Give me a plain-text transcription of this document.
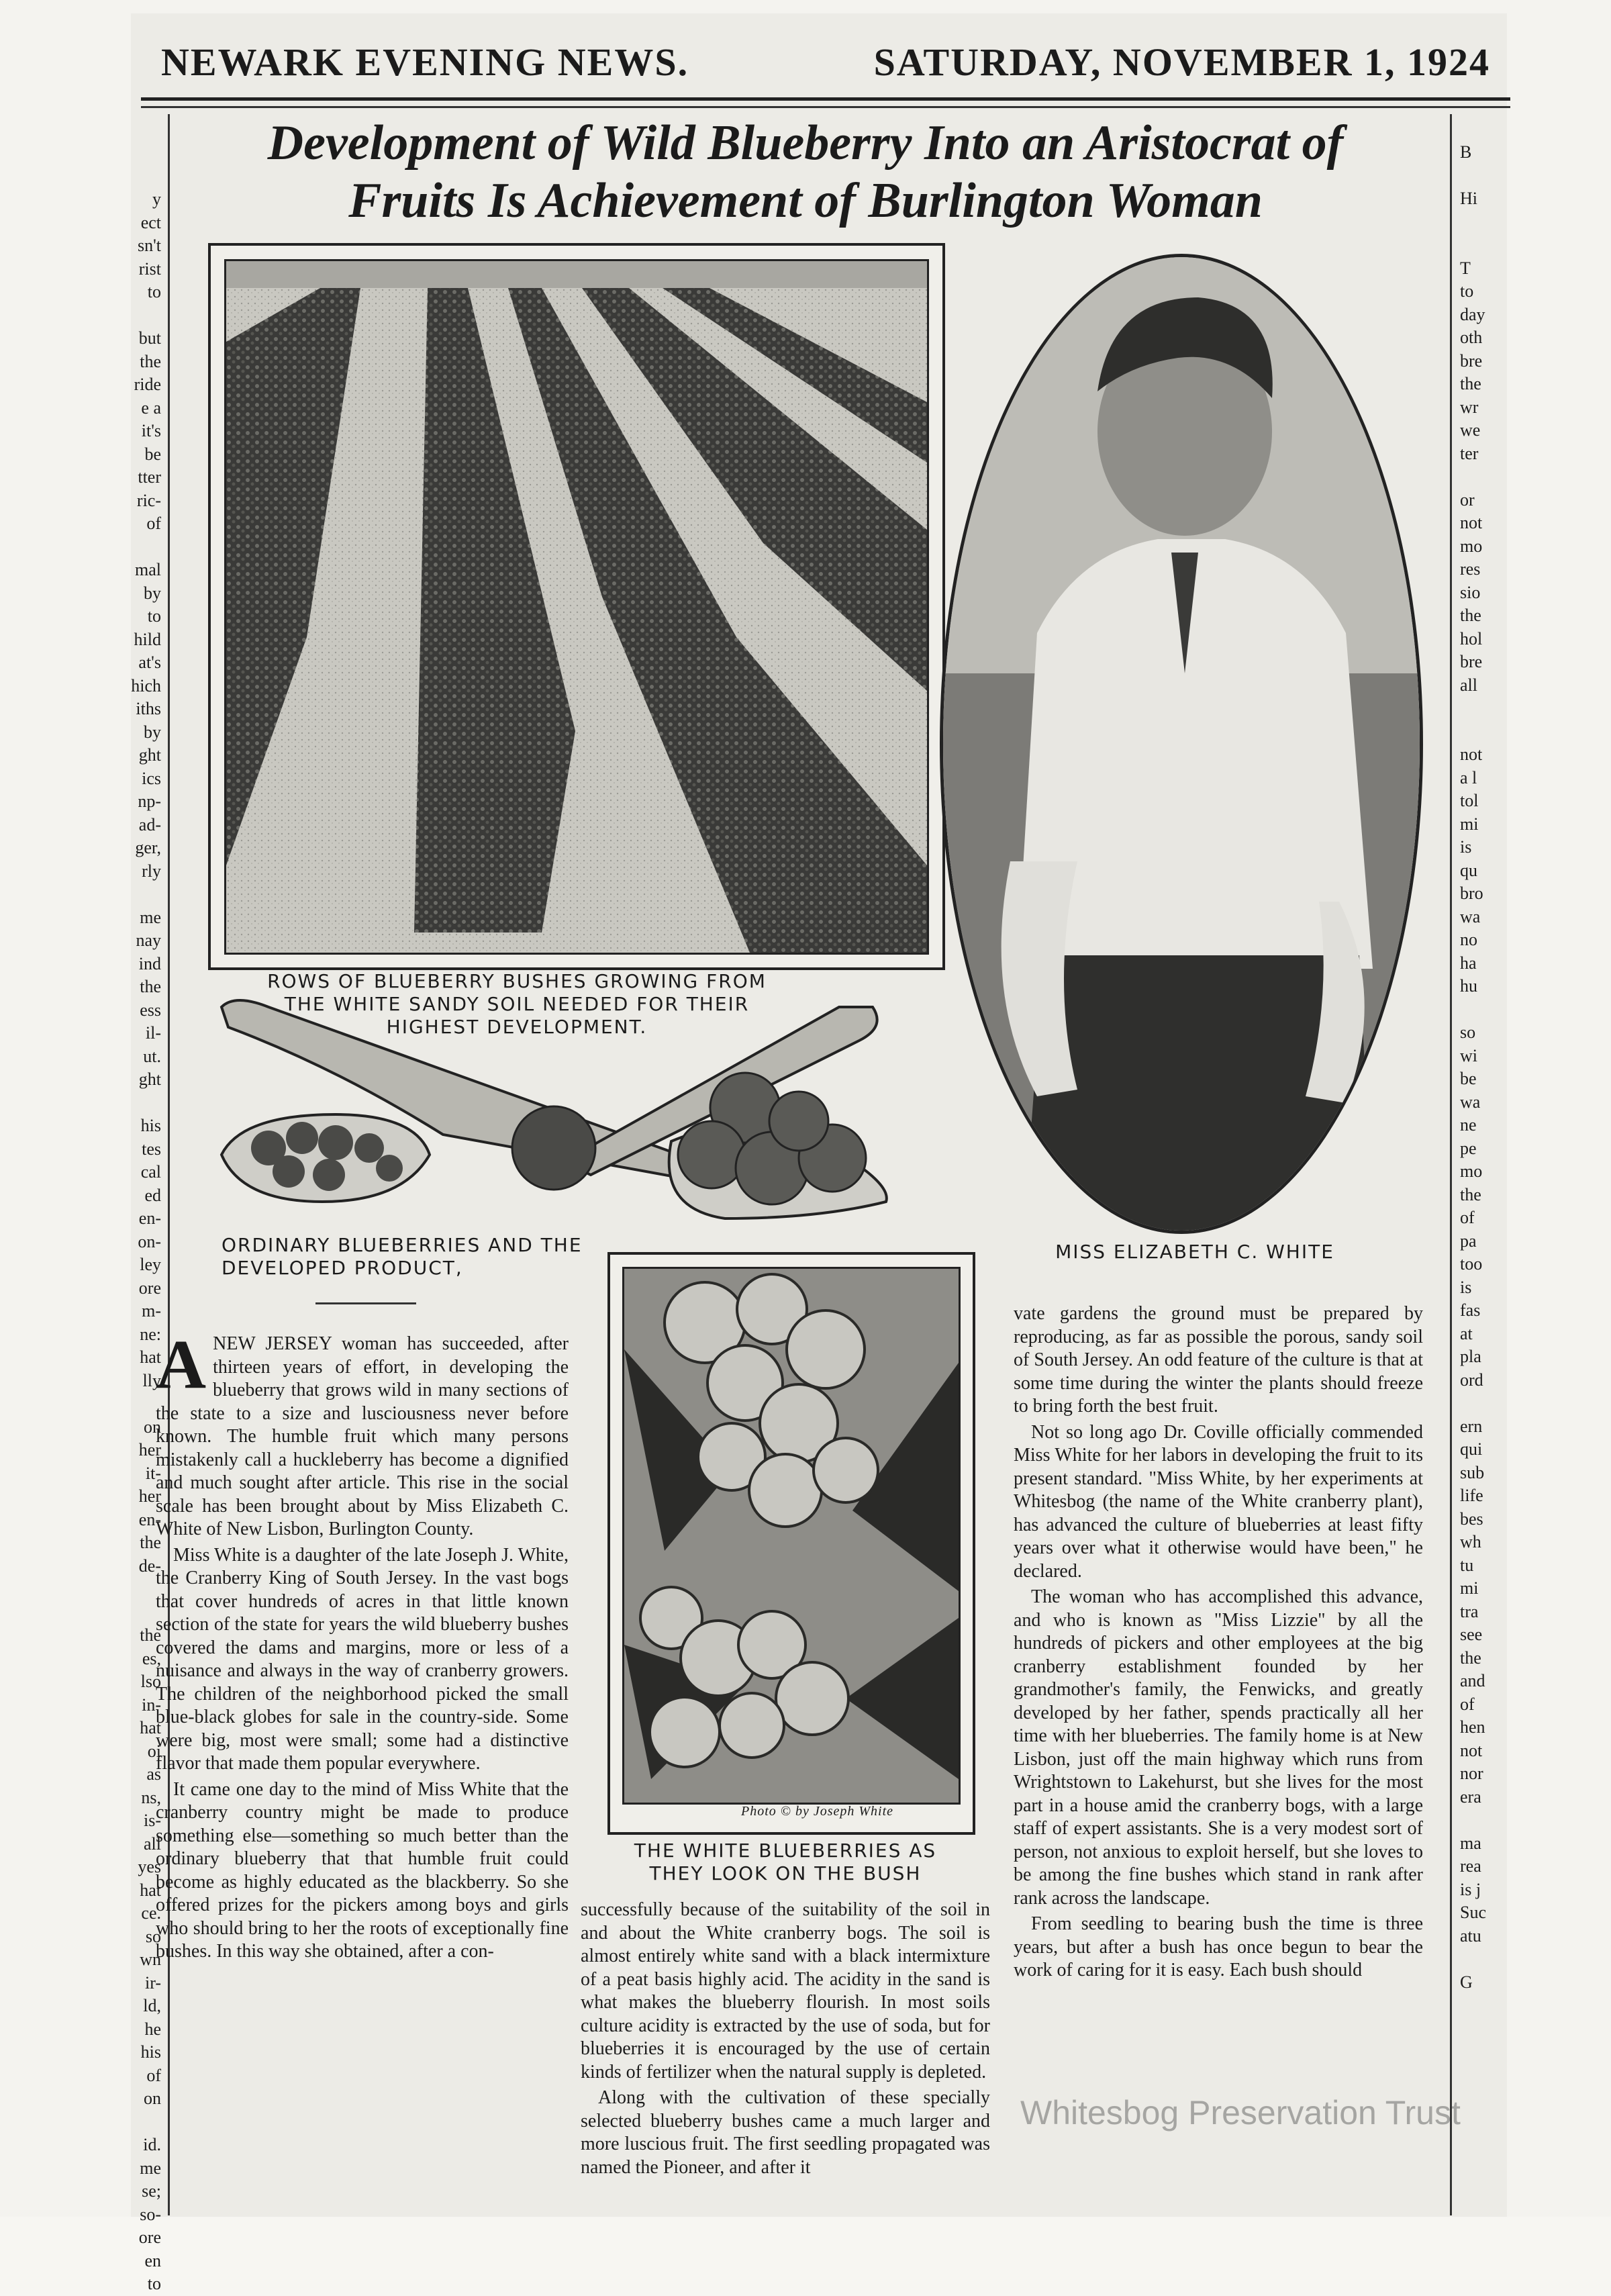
NEWARK EVENING NEWS.	SATURDAY, NOVEMBER 1, 1924
Development of Wild Blueberry Into an Aristocrat of
Fruits Is Achievement of Burlington Woman
ROWS OF BLUEBERRY BUSHES GROWING FROM THE WHITE SANDY SOIL NEEDED FOR THEIR HIGHEST DEVELOPMENT.
ORDINARY BLUEBERRIES AND THE DEVELOPED PRODUCT,
MISS ELIZABETH C. WHITE
Photo © by Joseph White
THE WHITE BLUEBERRIES AS THEY LOOK ON THE BUSH

ANEW JERSEY woman has succeeded, after thirteen years of effort, in developing the blueberry that grows wild in many sections of the state to a size and lusciousness never before known. The humble fruit which many persons mistakenly call a huckleberry has become a dignified and much sought after article. This rise in the social scale has been brought about by Miss Elizabeth C. White of New Lisbon, Burlington County.

Miss White is a daughter of the late Joseph J. White, the Cranberry King of South Jersey. In the vast bogs that cover hundreds of acres in that little known section of the state for years the wild blueberry bushes covered the dams and margins, more or less of a nuisance and always in the way of cranberry growers. The children of the neighborhood picked the small blue-black globes for sale in the country-side. Some were big, most were small; some had a distinctive flavor that made them popular everywhere.

It came one day to the mind of Miss White that the cranberry country might be made to produce something else—something so much better than the ordinary blueberry that that humble fruit could become as highly educated as the blackberry. So she offered prizes for the pickers among boys and girls who should bring to her the roots of exceptionally fine bushes. In this way she obtained, after a con-

successfully because of the suitability of the soil in and about the White cranberry bogs. The soil is almost entirely white sand with a black intermixture of a peat basis highly acid. The acidity in the sand is what makes the blueberry flourish. In most soils culture acidity is extracted by the use of soda, but for blueberries it is encouraged by the use of certain kinds of fertilizer when the natural supply is depleted.

Along with the cultivation of these specially selected blueberry bushes came a much larger and more luscious fruit. The first seedling propagated was named the Pioneer, and after it

vate gardens the ground must be prepared by reproducing, as far as possible the porous, sandy soil of South Jersey. An odd feature of the culture is that at some time during the winter the plants should freeze to bring forth the best fruit.

Not so long ago Dr. Coville officially commended Miss White for her labors in developing the fruit to its present standard. "Miss White, by her experiments at Whitesbog (the name of the White cranberry plant), has advanced the culture of blueberries at least fifty years over what it otherwise would have been," he declared.

The woman who has accomplished this advance, and who is known as "Miss Lizzie" by all the hundreds of pickers and other employees at the big cranberry establishment founded by her grandmother's family, the Fenwicks, and greatly developed by her father, spends practically all her time with her blueberries. The family home is at New Lisbon, just off the main highway which runs from Wrightstown to Lakehurst, but she lives for the most part in a house amid the cranberry bogs, with a large staff of expert assistants. She is a very modest sort of person, not anxious to exploit herself, but she loves to be among the fine bushes which stand in rank after rank across the landscape.

From seedling to bearing bush the time is three years, but after a bush has once begun to bear the work of caring for it is easy. Each bush should

y
ect
sn't
rist
to

but
the
ride
e a
it's
be
tter
ric-
of

mal
by
to
hild
at's
hich
iths
by
ght
ics
np-
ad-
ger,
rly

me
nay
ind
the
ess
il-
ut.
ght

his
tes
cal
ed
en-
on-
ley
ore
m-
ne:
hat
lly

on
her
it-
her
en-
the
de-

the
es,
lso
in-
hat
oi
as
ns,
is-
all
yes
hat
ce.
so
wn
ir-
ld,
he
his
of
on

id.
me
se;
so-
ore
en
to
B

Hi

T
to
day
oth
bre
the
wr
we
ter

or
not
mo
res
sio
the
hol
bre
all

not
a l
tol
mi
is
qu
bro
wa
no
ha
hu

so
wi
be
wa
ne
pe
mo
the
of
pa
too
is
fas
at
pla
ord

ern
qui
sub
life
bes
wh
tu
mi
tra
see
the
and
of
hen
not
nor
era

ma
rea
is j
Suc
atu

G
Whitesbog Preservation Trust
